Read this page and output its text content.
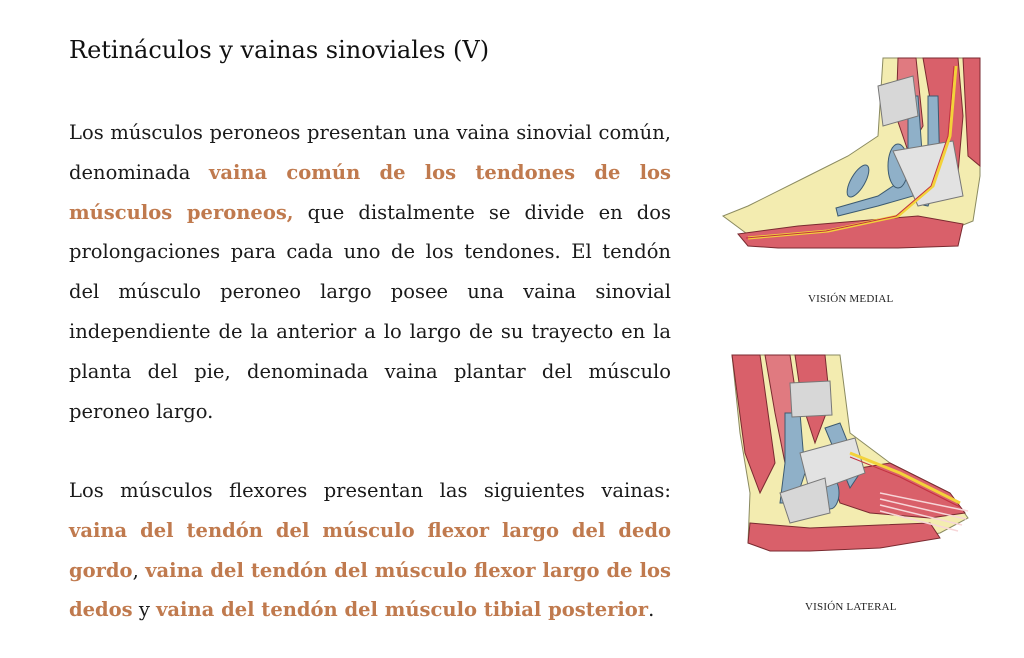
Retináculos y vainas sinoviales (V)
Los músculos peroneos presentan una vaina sinovial común, denominada vaina común de los tendones de los músculos peroneos, que distalmente se divide en dos prolongaciones para cada uno de los tendones. El tendón del músculo peroneo largo posee una vaina sinovial independiente de la anterior a lo largo de su trayecto en la planta del pie, denominada vaina plantar del músculo peroneo largo.
Los músculos flexores presentan las siguientes vainas: vaina del tendón del músculo flexor largo del dedo gordo, vaina del tendón del músculo flexor largo de los dedos y vaina del tendón del músculo tibial posterior.
VISIÓN MEDIAL
VISIÓN LATERAL
